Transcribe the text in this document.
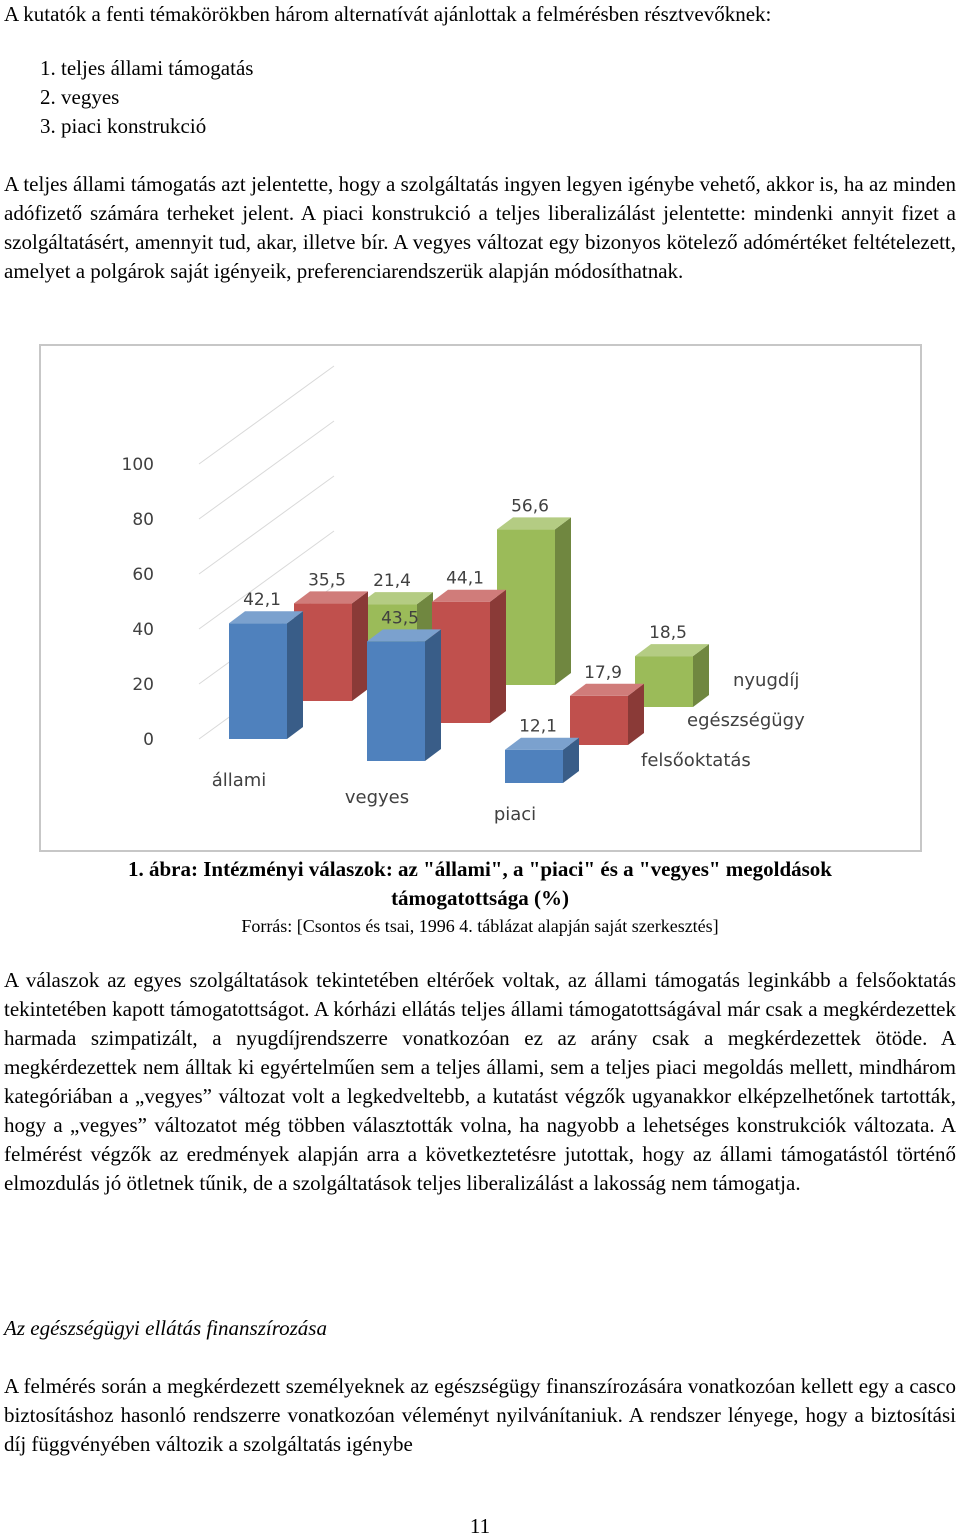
A kutatók a fenti témakörökben három alternatívát ajánlottak a felmérésben résztvevőknek:
1. teljes állami támogatás
2. vegyes
3. piaci konstrukció

A teljes állami támogatás azt jelentette, hogy a szolgáltatás ingyen legyen igénybe vehető, akkor is, ha az minden adófizető számára terheket jelent. A piaci konstrukció a teljes liberalizálást jelentette: mindenki annyit fizet a szolgáltatásért, amennyit tud, akar, illetve bír. A vegyes változat egy bizonyos kötelező adómértéket feltételezett, amelyet a polgárok saját igényeik, preferenciarendszerük alapján módosíthatnak.

0
20
40
60
80
100
21,4
56,6
18,5
35,5	44,1
17,9
42,1
43,5
12,1
állami
vegyes
piaci
felsőoktatás
egészségügy
nyugdíj
1. ábra: Intézményi válaszok: az "állami", a "piaci" és a "vegyes" megoldások
támogatottsága (%)
Forrás: [Csontos és tsai, 1996 4. táblázat alapján saját szerkesztés]

A válaszok az egyes szolgáltatások tekintetében eltérőek voltak, az állami támogatás leginkább a felsőoktatás tekintetében kapott támogatottságot. A kórházi ellátás teljes állami támogatottságával már csak a megkérdezettek harmada szimpatizált, a nyugdíjrendszerre vonatkozóan ez az arány csak a megkérdezettek ötöde. A megkérdezettek nem álltak ki egyértelműen sem a teljes állami, sem a teljes piaci megoldás mellett, mindhárom kategóriában a „vegyes” változat volt a legkedveltebb, a kutatást végzők ugyanakkor elképzelhetőnek tartották, hogy a „vegyes” változatot még többen választották volna, ha nagyobb a lehetséges konstrukciók változata. A felmérést végzők az eredmények alapján arra a következtetésre jutottak, hogy az állami támogatástól történő elmozdulás jó ötletnek tűnik, de a szolgáltatások teljes liberalizálást a lakosság nem támogatja.

Az egészségügyi ellátás finanszírozása

A felmérés során a megkérdezett személyeknek az egészségügy finanszírozására vonatkozóan kellett egy a casco biztosításhoz hasonló rendszerre vonatkozóan véleményt nyilvánítaniuk. A rendszer lényege, hogy a biztosítási díj függvényében változik a szolgáltatás igénybe

11
